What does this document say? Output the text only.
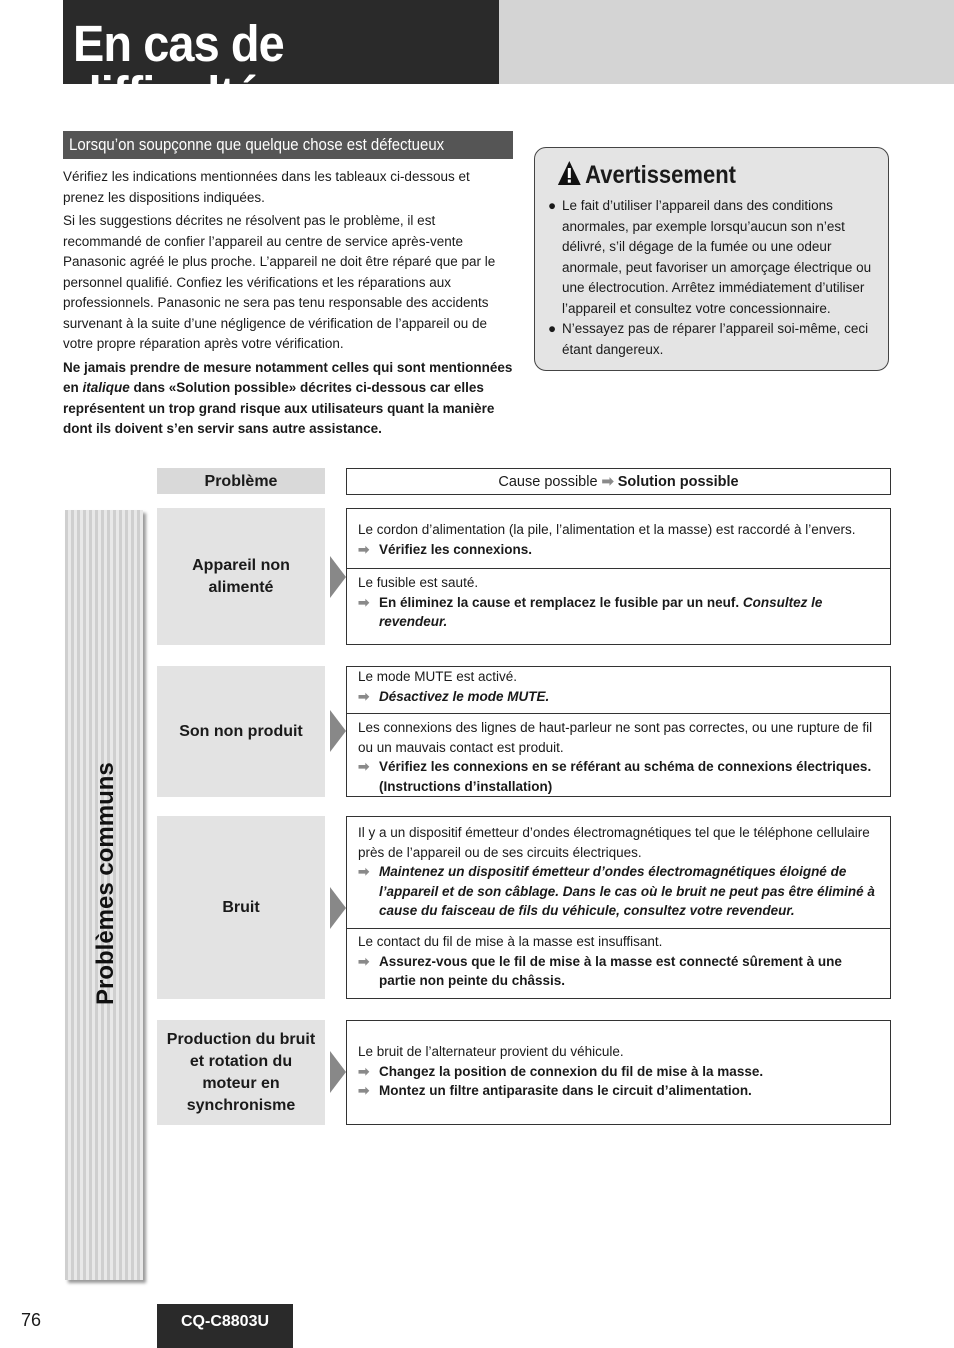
En cas de difficulté
Lorsqu’on soupçonne que quelque chose est défectueux

Vérifiez les indications mentionnées dans les tableaux ci-dessous et prenez les dispositions indiquées.

Si les suggestions décrites ne résolvent pas le problème, il est recommandé de confier l’appareil au centre de service après-vente Panasonic agréé le plus proche. L’appareil ne doit être réparé que par le personnel qualifié. Confiez les vérifications et les réparations aux professionnels. Panasonic ne sera pas tenu responsable des accidents survenant à la suite d’une négligence de vérification de l’appareil ou de votre propre réparation après votre vérification.

Ne jamais prendre de mesure notamment celles qui sont mentionnées en italique dans «Solution possible» décrites ci-dessous car elles représentent un trop grand risque aux utilisateurs quant la manière dont ils doivent s’en servir sans autre assistance.

Avertissement
● Le fait d’utiliser l’appareil dans des conditions anormales, par exemple lorsqu’aucun son n’est délivré, s’il dégage de la fumée ou une odeur anormale, peut favoriser un amorçage électrique ou une électrocution. Arrêtez immédiatement d’utiliser l’appareil et consultez votre concessionnaire.
● N’essayez pas de réparer l’appareil soi-même, ceci étant dangereux.
Problèmes communs
Problème	Cause possible ➡ Solution possible
Appareil non alimenté
Le cordon d’alimentation (la pile, l’alimentation et la masse) est raccordé à l’envers.
➡ Vérifiez les connexions.
Le fusible est sauté.
➡ En éliminez la cause et remplacez le fusible par un neuf. Consultez le revendeur.
Son non produit
Le mode MUTE est activé.
➡ Désactivez le mode MUTE.
Les connexions des lignes de haut-parleur ne sont pas correctes, ou une rupture de fil ou un mauvais contact est produit.
➡ Vérifiez les connexions en se référant au schéma de connexions électriques. (Instructions d’installation)
Bruit
Il y a un dispositif émetteur d’ondes électromagnétiques tel que le téléphone cellulaire près de l’appareil ou de ses circuits électriques.
➡ Maintenez un dispositif émetteur d’ondes électromagnétiques éloigné de l’appareil et de son câblage. Dans le cas où le bruit ne peut pas être éliminé à cause du faisceau de fils du véhicule, consultez votre revendeur.
Le contact du fil de mise à la masse est insuffisant.
➡ Assurez-vous que le fil de mise à la masse est connecté sûrement à une partie non peinte du châssis.
Production du bruit et rotation du moteur en synchronisme
Le bruit de l’alternateur provient du véhicule.
➡ Changez la position de connexion du fil de mise à la masse.
➡ Montez un filtre antiparasite dans le circuit d’alimentation.
76	CQ-C8803U
